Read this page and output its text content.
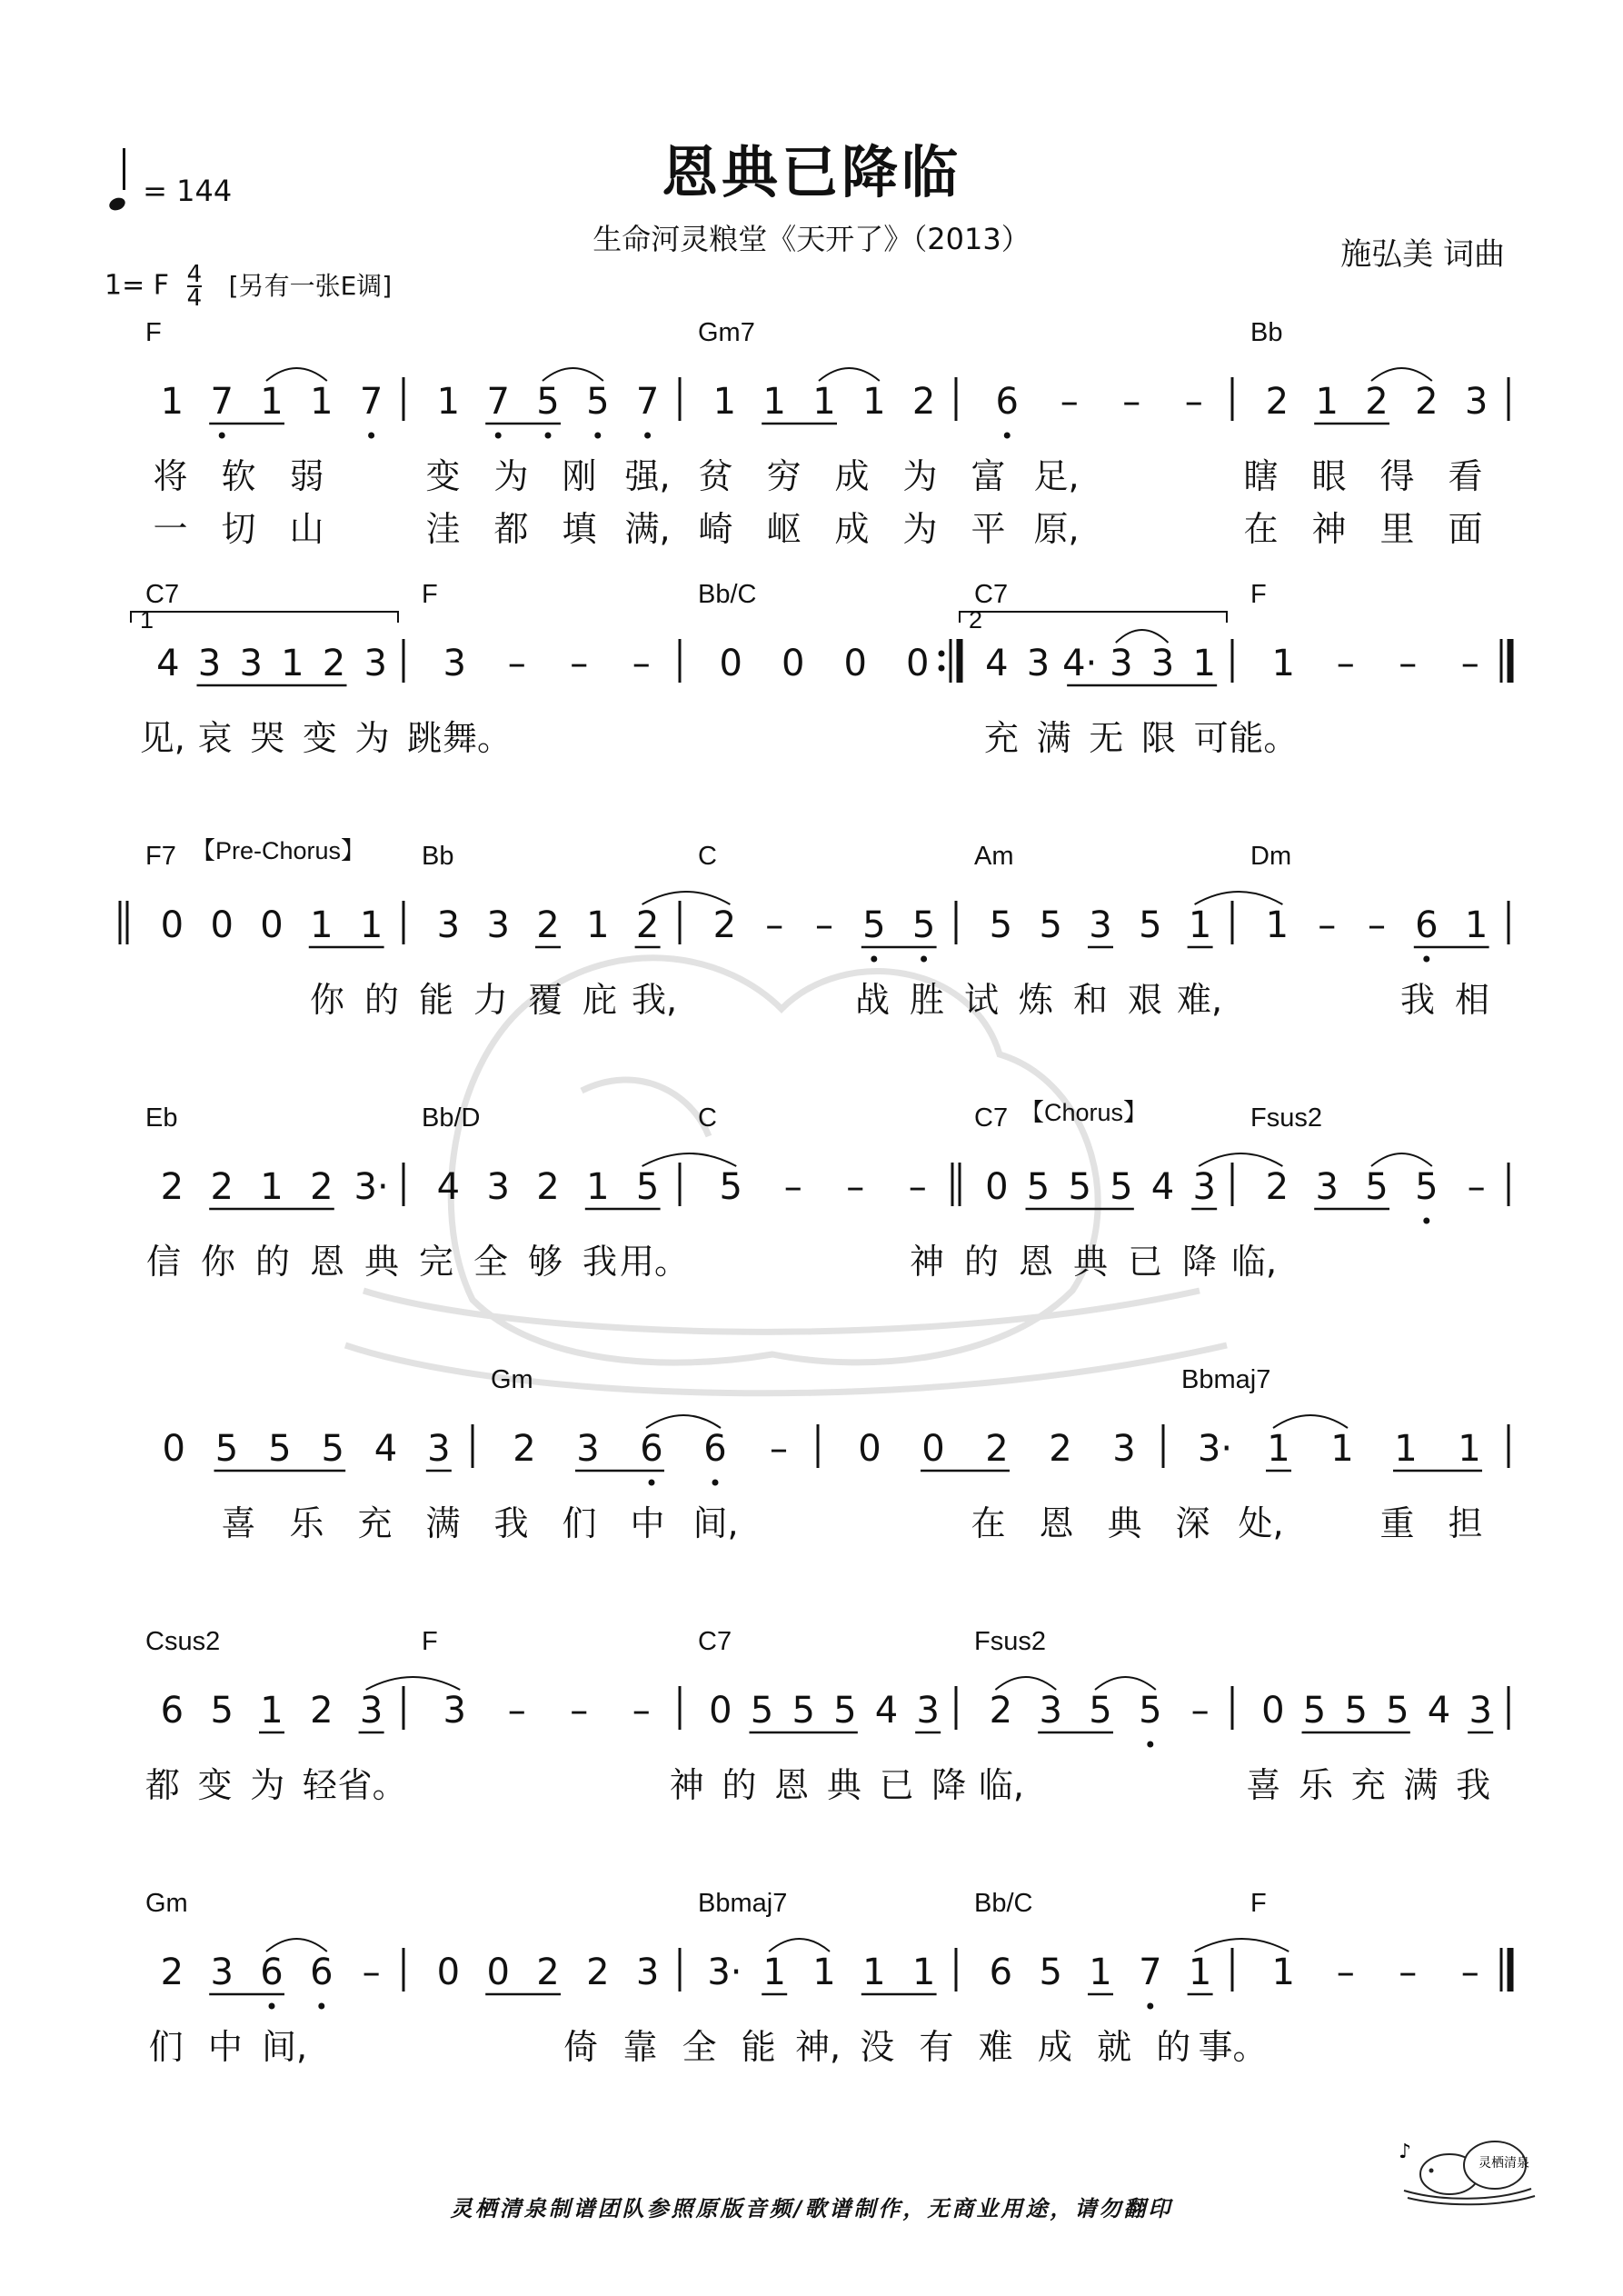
恩典已降临
生命河灵粮堂《天开了》（2013）	施弘美 词曲
= 144
1= F $\frac{4}{4}$ [另有一张E调]
F
1 7 1 1 7 1 7 5 5 7
Gm7
1 1 1 1 2 6 – – –
Bb
2 1 2 2 3
将 软 弱	变 为 刚 强, 贫 穷 成 为 富 足,	瞎 眼 得 看
一 切 山	洼 都 填 满, 崎 岖 成 为 平 原,	在 神 里 面
C7
1
4 3 3 1 2 3
F
3 – – –
Bb/C
0 0 0 0
C7
2
4 3 4· 3 3 1
F
1 – – –
见, 哀 哭 变 为 跳 舞。	充 满 无 限 可 能。
F7 【Pre-Chorus】
0 0 0 1 1
Bb
3 3 2 1 2
C
2 – – 5 5
Am
5 5 3 5 1
Dm
1 – – 6 1
你 的 能 力 覆 庇 我,	战 胜 试 炼 和 艰 难,	我 相
Eb
2 2 1 2 3·
Bb/D
4 3 2 1 5
C
5 – – –
C7 【Chorus】
0 5 5 5 4 3
Fsus2
2 3 5 5 –
信 你 的 恩 典 完 全 够 我 用。	神 的 恩 典 已 降 临,
0 5 5 5 4 3
Gm
2 3 6 6 – 0 0 2 2 3
Bbmaj7
3· 1 1 1 1
喜 乐 充 满 我 们 中 间,	在 恩 典 深 处,	重 担
Csus2
6 5 1 2 3
F
3 – – –
C7
0 5 5 5 4 3
Fsus2
2 3 5 5 – 0 5 5 5 4 3
都 变 为 轻 省。	神 的 恩 典 已 降 临,	喜 乐 充 满 我
Gm
2 3 6 6 – 0 0 2 2 3
Bbmaj7
3· 1 1 1 1
Bb/C
6 5 1 7 1
F
1 – – –
们 中 间,	倚 靠 全 能 神, 没 有 难 成 就 的 事。
灵栖清泉制谱团队参照原版音频/歌谱制作，无商业用途，请勿翻印
♪	灵栖清泉
